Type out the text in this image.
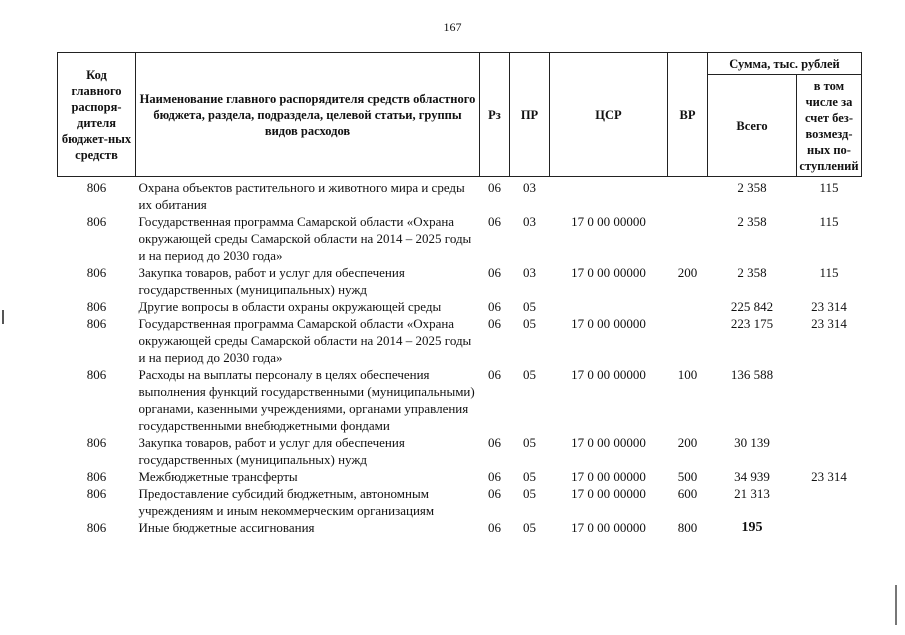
167
Код главного распоря-дителя бюджет-ных средств	Наименование главного распорядителя средств областного бюджета, раздела, подраздела, целевой статьи, группы видов расходов	Рз	ПР	ЦСР	ВР	Сумма, тыс. рублей	
						Всего	в том числе за счет без-возмезд-ных по-ступлений
806	Охрана объектов растительного и животного мира и среды их обитания	06	03			2 358	115
806	Государственная программа Самарской области «Охрана окружающей среды Самарской области на 2014 – 2025 годы и на период до 2030 года»	06	03	17 0 00 00000		2 358	115
806	Закупка товаров, работ и услуг для обеспечения государственных (муниципальных) нужд	06	03	17 0 00 00000	200	2 358	115
806	Другие вопросы в области охраны окружающей среды	06	05			225 842	23 314
806	Государственная программа Самарской области «Охрана окружающей среды Самарской области на 2014 – 2025 годы и на период до 2030 года»	06	05	17 0 00 00000		223 175	23 314
806	Расходы на выплаты персоналу в целях обеспечения выполнения функций государственными (муниципальными) органами, казенными учреждениями, органами управления государственными внебюджетными фондами	06	05	17 0 00 00000	100	136 588	
806	Закупка товаров, работ и услуг для обеспечения государственных (муниципальных) нужд	06	05	17 0 00 00000	200	30 139	
806	Межбюджетные трансферты	06	05	17 0 00 00000	500	34 939	23 314
806	Предоставление субсидий бюджетным, автономным учреждениям и иным некоммерческим организациям	06	05	17 0 00 00000	600	21 313	
806	Иные бюджетные ассигнования	06	05	17 0 00 00000	800	195	
